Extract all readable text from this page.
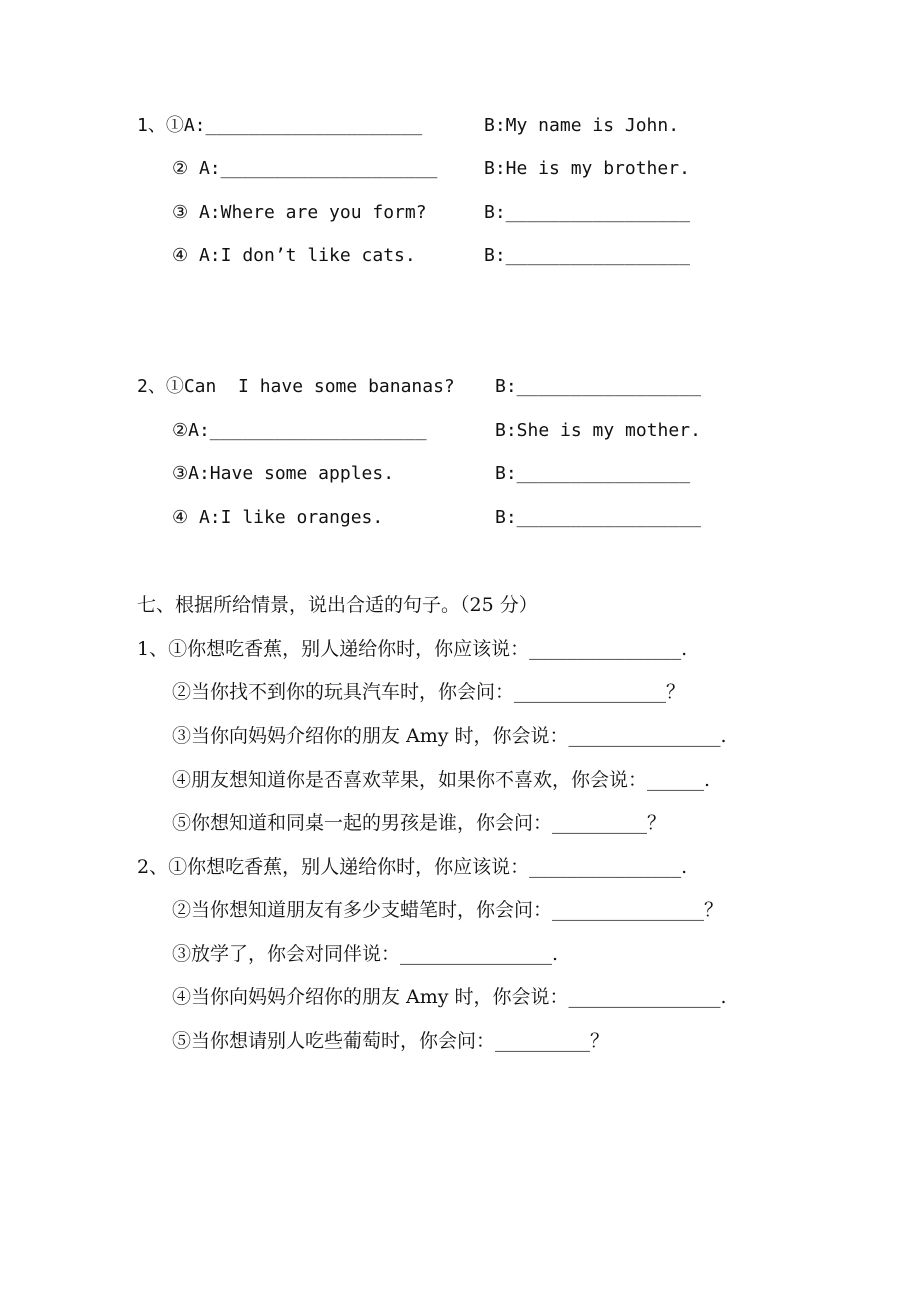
1、①A:____________________	B:My name is John.

② A:____________________	B:He is my brother.

③ A:Where are you form?	B:_________________

④ A:I don’t like cats.	B:_________________

2、①Can  I have some bananas? B:_________________

②A:____________________	B:She is my mother.

③A:Have some apples.	B:________________

④ A:I like oranges.	B:_________________

七、根据所给情景，说出合适的句子。（25 分）

1、①你想吃香蕉，别人递给你时，你应该说：________________.

②当你找不到你的玩具汽车时，你会问：________________？

③当你向妈妈介绍你的朋友 Amy 时，你会说：________________.

④朋友想知道你是否喜欢苹果，如果你不喜欢，你会说：______.

⑤你想知道和同桌一起的男孩是谁，你会问：__________？

2、①你想吃香蕉，别人递给你时，你应该说：________________.

②当你想知道朋友有多少支蜡笔时，你会问：________________？

③放学了，你会对同伴说：________________.

④当你向妈妈介绍你的朋友 Amy 时，你会说：________________.

⑤当你想请别人吃些葡萄时，你会问：__________？
